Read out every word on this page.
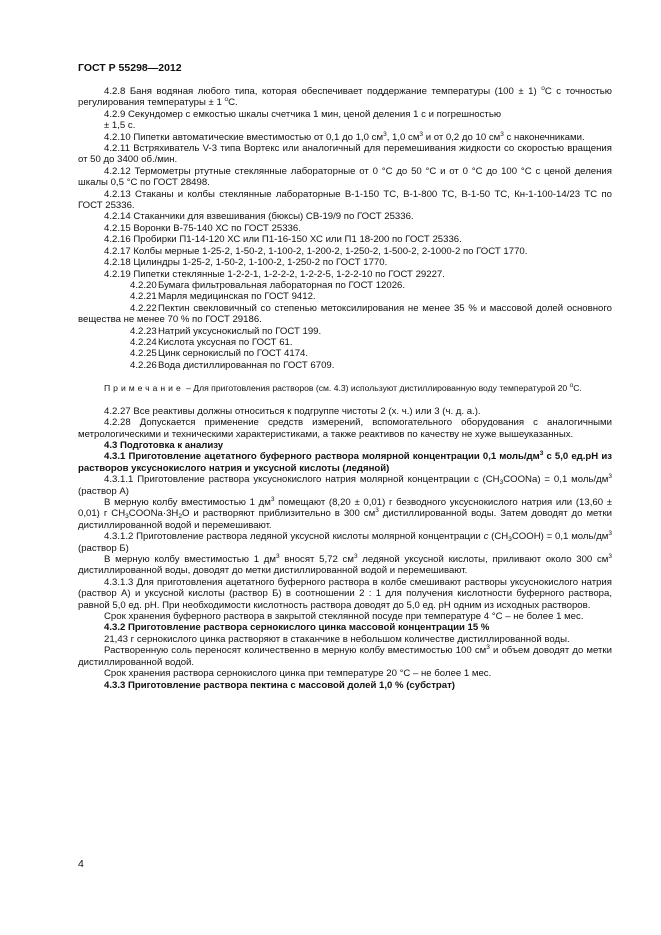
ГОСТ Р 55298—2012

4.2.8 Баня водяная любого типа, которая обеспечивает поддержание температуры (100 ± 1) $^o$С с точностью регулирования температуры ± 1 $^o$С.

4.2.9 Секундомер с емкостью шкалы счетчика 1 мин, ценой деления 1 с и погрешностью

± 1,5 с.

4.2.10 Пипетки автоматические вместимостью от 0,1 до 1,0 $см^3$, 1,0 $см^3$ и от 0,2 до 10 $см^3$ с наконечниками.

4.2.11 Встряхиватель V-3 типа Вортекс или аналогичный для перемешивания жидкости со скоростью вращения от 50 до 3400 об./мин.

4.2.12 Термометры ртутные стеклянные лабораторные от 0 °С до 50 °С и от 0 °С до 100 °С с ценой деления шкалы 0,5 °С по ГОСТ 28498.

4.2.13 Стаканы и колбы стеклянные лабораторные В-1-150 ТС, В-1-800 ТС, В-1-50 ТС, Кн-1-100-14/23 ТС по ГОСТ 25336.

4.2.14 Стаканчики для взвешивания (бюксы) СВ-19/9 по ГОСТ 25336.

4.2.15 Воронки В-75-140 ХС по ГОСТ 25336.

4.2.16 Пробирки П1-14-120 ХС или П1-16-150 ХС или П1 18-200 по ГОСТ 25336.

4.2.17 Колбы мерные 1-25-2, 1-50-2, 1-100-2, 1-200-2, 1-250-2, 1-500-2, 2-1000-2 по ГОСТ 1770.

4.2.18 Цилиндры 1-25-2, 1-50-2, 1-100-2, 1-250-2 по ГОСТ 1770.

4.2.19 Пипетки стеклянные 1-2-2-1, 1-2-2-2, 1-2-2-5, 1-2-2-10 по ГОСТ 29227.

4.2.20Бумага фильтровальная лабораторная по ГОСТ 12026.

4.2.21Марля медицинская по ГОСТ 9412.

4.2.22Пектин свекловичный со степенью метоксилирования не менее 35 % и массовой долей основного вещества не менее 70 % по ГОСТ 29186.

4.2.23Натрий уксуснокислый по ГОСТ 199.

4.2.24Кислота уксусная по ГОСТ 61.

4.2.25Цинк сернокислый по ГОСТ 4174.

4.2.26Вода дистиллированная по ГОСТ 6709.

Примечание – Для приготовления растворов (см. 4.3) используют дистиллированную воду температурой 20 $^o$С.

4.2.27 Все реактивы должны относиться к подгруппе чистоты 2 (х. ч.) или 3 (ч. д. а.).

4.2.28 Допускается применение средств измерений, вспомогательного оборудования с аналогичными метрологическими и техническими характеристиками, а также реактивов по качеству не хуже вышеуказанных.

4.3 Подготовка к анализу

4.3.1 Приготовление ацетатного буферного раствора молярной концентрации 0,1 моль/$дм^3$ с 5,0 ед.рН из растворов уксуснокислого натрия и уксусной кислоты (ледяной)

4.3.1.1 Приготовление раствора уксуснокислого натрия молярной концентрации с $(CH_3COONa) = 0,1$ моль/$дм^3$ (раствор А)

В мерную колбу вместимостью 1 $дм^3$ помещают (8,20 ± 0,01) г безводного уксуснокислого натрия или (13,60 ± 0,01) г $CH_3COONa\cdot 3H_2O$ и растворяют приблизительно в 300 $см^3$ дистиллированной воды. Затем доводят до метки дистиллированной водой и перемешивают.

4.3.1.2 Приготовление раствора ледяной уксусной кислоты молярной концентрации с $(CH_3COOH) = 0,1$ моль/$дм^3$ (раствор Б)

В мерную колбу вместимостью 1 $дм^3$ вносят 5,72 $см^3$ ледяной уксусной кислоты, приливают около 300 $см^3$ дистиллированной воды, доводят до метки дистиллированной водой и перемешивают.

4.3.1.3 Для приготовления ацетатного буферного раствора в колбе смешивают растворы уксуснокислого натрия (раствор А) и уксусной кислоты (раствор Б) в соотношении 2 : 1 для получения кислотности буферного раствора, равной 5,0 ед. рН. При необходимости кислотность раствора доводят до 5,0 ед. рН одним из исходных растворов.

Срок хранения буферного раствора в закрытой стеклянной посуде при температуре 4 °С – не более 1 мес.

4.3.2 Приготовление раствора сернокислого цинка массовой концентрации 15 %

21,43 г сернокислого цинка растворяют в стаканчике в небольшом количестве дистиллированной воды.

Растворенную соль переносят количественно в мерную колбу вместимостью 100 $см^3$ и объем доводят до метки дистиллированной водой.

Срок хранения раствора сернокислого цинка при температуре 20 °С – не более 1 мес.

4.3.3 Приготовление раствора пектина с массовой долей 1,0 % (субстрат)

4
